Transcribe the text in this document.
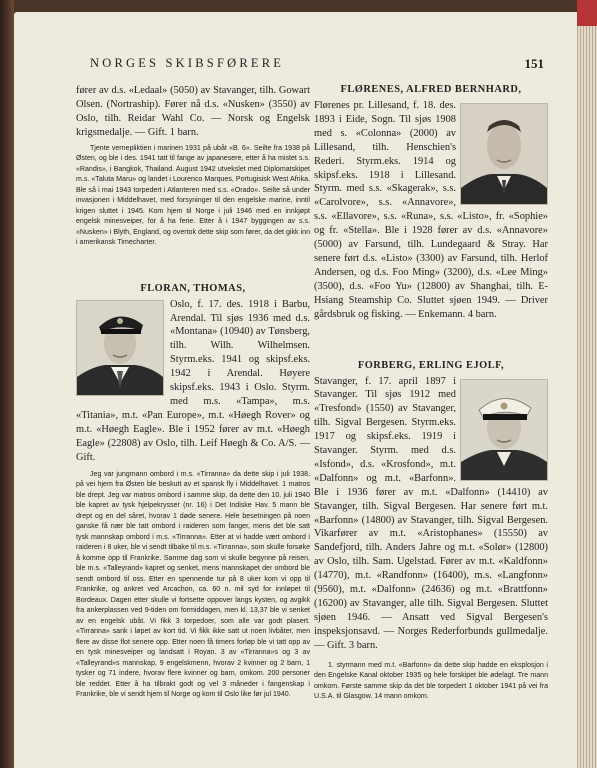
NORGES SKIBSFØRERE	151

fører av d.s. «Ledaal» (5050) av Stavanger, tilh. Gowart Olsen. (Nortraship). Fører nå d.s. «Nusken» (3550) av Oslo, tilh. Reidar Wahl Co. — Norsk og Engelsk krigsmedalje. — Gift. 1 barn.

Tjente vernepliktien i marinen 1931 på ubåt «B. 6». Seilte fra 1938 på Østen, og ble i des. 1941 tatt til fange av japanesere, etter å ha mistet s.s. «Randis», i Bangkok, Thailand. August 1942 utvekslet med Diplomatskipet m.s. «Taluta Maru» og landet i Lourenco Marques, Portugisisk West Afrika. Ble så i mai 1943 torpedert i Atlanteren med s.s. «Orado». Seilte så under invasjonen i Middelhavet, med forsyninger til den engelske marine, inntil krigen sluttet i 1945. Kom hjem til Norge i juli 1946 med en innkjøpt engelsk minesveiper, for å ha ferie. Etter å i 1947 byggingen av s.s. «Nusken» i Blyth, England, og overtok dette skip som fører, da det gikk inn i amerikansk Timecharter.

FLORAN, THOMAS,

Oslo, f. 17. des. 1918 i Barbu, Arendal. Til sjøs 1936 med d.s. «Montana» (10940) av Tønsberg, tilh. Wilh. Wilhelmsen. Styrm.eks. 1941 og skipsf.eks. 1942 i Arendal. Høyere skipsf.eks. 1943 i Oslo. Styrm. med m.s. «Tampa», m.s. «Titania», m.t. «Pan Europe», m.t. «Høegh Rover» og m.t. «Høegh Eagle». Ble i 1952 fører av m.t. «Høegh Eagle» (22808) av Oslo, tilh. Leif Høegh & Co. A/S. — Gift.

Jeg var jungmann ombord i m.s. «Tirranna» da dette skip i juli 1938, på vei hjem fra Østen ble beskutt av et spansk fly i Middelhavet. 1 matros ble drept. Jeg var matros ombord i samme skip, da dette den 10. juli 1940 ble kapret av tysk hjelpekrysser (nr. 16) i Det Indiske Hav. 5 mann ble drept og en del såret, hvorav 1 døde senere. Hele besetningen på noen ganske få nær ble tatt ombord i raideren som fanger, mens det ble satt tysk mannskap ombord i m.s. «Tirranna». Etter at vi hadde vært ombord i raideren i 8 uker, ble vi sendt tilbake til m.s. «Tirranna», som skulle forsøke å komme opp til Frankrike. Samme dag som vi skulle begynne på reisen, ble m.s. «Talleyrand» kapret og senket, mens mannskapet der ombord ble sendt ombord til oss. Etter en spennende tur på 8 uker kom vi opp til Frankrike, og ankret ved Arcachon, ca. 60 n. mil syd for innløpet til Bordeaux. Dagen etter skulle vi fortsette oppover langs kysten, og avgikk fra ankerplassen ved 9-tiden om formiddagen, men kl. 13,37 ble vi senket av en engelsk ubåt. Vi fikk 3 torpedoer, som alle var godt plasert. «Tirranna» sank i løpet av kort tid. Vi fikk ikke satt ut noen livbåter, men flere av disse flot senere opp. Etter noen få timers forløp ble vi tatt opp av en tysk minesveiper og landsatt i Royan. 3 av «Tirranna»s og 3 av «Talleyrand»s mannskap, 9 engelskmenn, hvorav 2 kvinner og 2 barn, 1 tysker og 71 indere, hvorav flere kvinner og barn, omkom. 200 personer ble reddet. Etter å ha tilbrakt godt og vel 3 måneder i fangenskap i Frankrike, ble vi sendt hjem til Norge og kom til Oslo like før jul 1940.

FLØRENES, ALFRED BERNHARD,

Flørenes pr. Lillesand, f. 18. des. 1893 i Eide, Sogn. Til sjøs 1908 med s. «Colonna» (2000) av Lillesand, tilh. Henschien's Rederi. Styrm.eks. 1914 og skipsf.eks. 1918 i Lillesand. Styrm. med s.s. «Skagerak», s.s. «Carolvore», s.s. «Annavore», s.s. «Ellavore», s.s. «Runa», s.s. «Listo», fr. «Sophie» og fr. «Stella». Ble i 1928 fører av d.s. «Annavore» (5000) av Farsund, tilh. Lundegaard & Stray. Har senere ført d.s. «Listo» (3300) av Farsund, tilh. Herlof Andersen, og d.s. Foo Ming» (3200), d.s. «Lee Ming» (3500), d.s. «Foo Yu» (12800) av Shanghai, tilh. E-Hsiang Steamship Co. Sluttet sjøen 1949. — Driver gårdsbruk og fisking. — Enkemann. 4 barn.

FORBERG, ERLING EJOLF,

Stavanger, f. 17. april 1897 i Stavanger. Til sjøs 1912 med «Tresfond» (1550) av Stavanger, tilh. Sigval Bergesen. Styrm.eks. 1917 og skipsf.eks. 1919 i Stavanger. Styrm. med d.s. «Isfond», d.s. «Krosfond», m.t. «Dalfonn» og m.t. «Barfonn». Ble i 1936 fører av m.t. «Dalfonn» (14410) av Stavanger, tilh. Sigval Bergesen. Har senere ført m.t. «Barfonn» (14800) av Stavanger, tilh. Sigval Bergesen. Vikarfører av m.t. «Aristophanes» (15550) av Sandefjord, tilh. Anders Jahre og m.t. «Solør» (12800) av Oslo, tilh. Sam. Ugelstad. Fører av m.t. «Kaldfonn» (14770), m.t. «Randfonn» (16400), m.s. «Langfonn» (9560), m.t. «Dalfonn» (24636) og m.t. «Brattfonn» (16200) av Stavanger, alle tilh. Sigval Bergesen. Sluttet sjøen 1946. — Ansatt ved Sigval Bergesen's inspeksjonsavd. — Norges Rederforbunds gullmedalje. — Gift. 3 barn.

1. styrmann med m.t. «Barfonn» da dette skip hadde en eksplosjon i den Engelske Kanal oktober 1935 og hele forskipet ble ødelagt. Tre mann omkom. Første samme skip da det ble torpedert 1 oktober 1941 på vei fra U.S.A. til Glasgow. 14 mann omkom.
